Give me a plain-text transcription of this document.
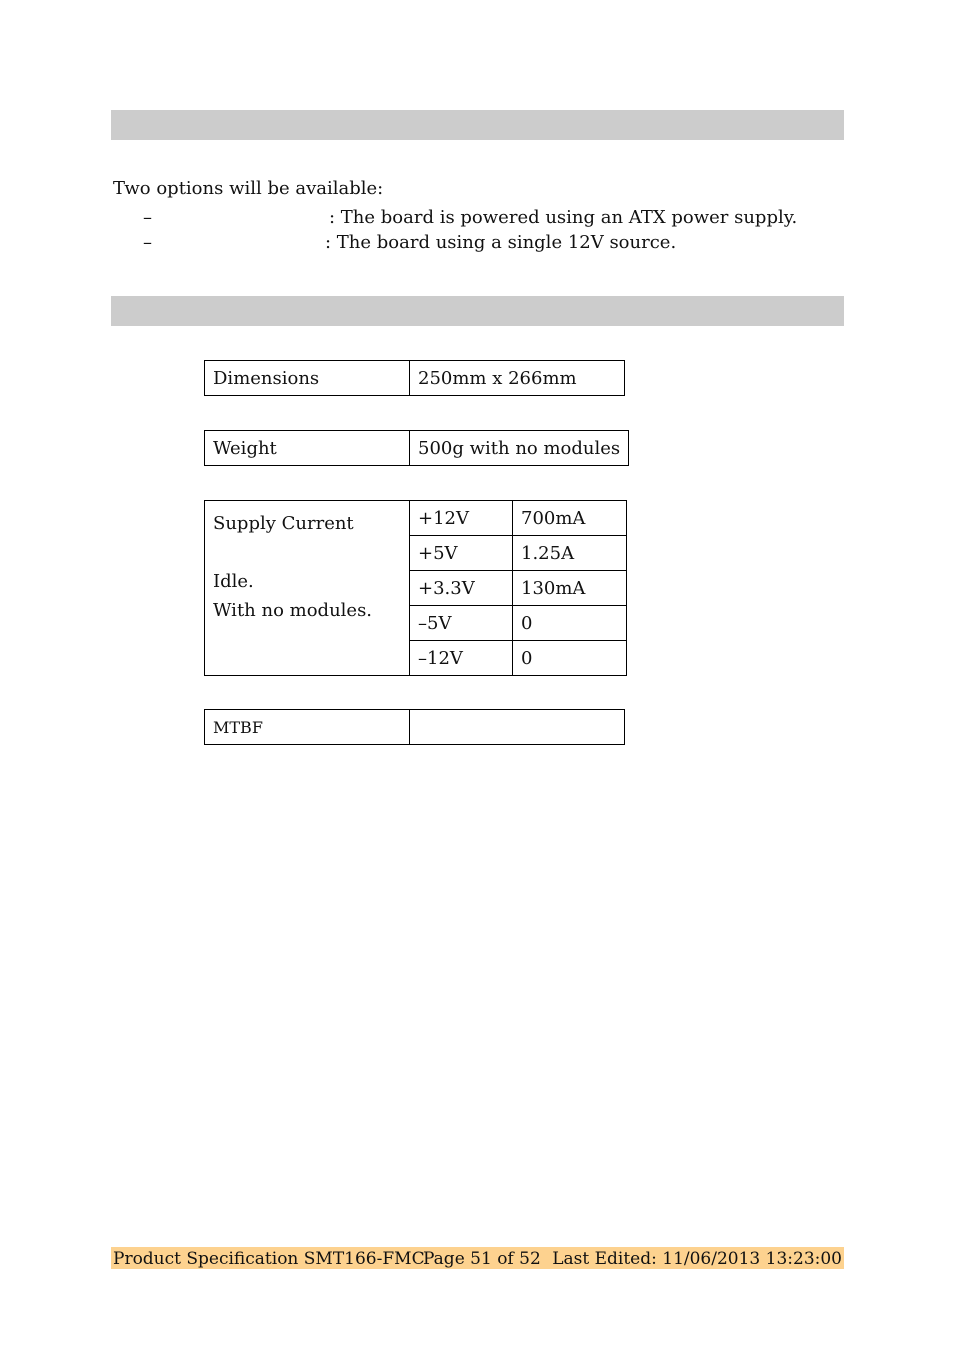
Two options will be available:
–	: The board is powered using an ATX power supply.
–	: The board using a single 12V source.
Dimensions	250mm x 266mm
Weight	500g with no modules
Supply Current

Idle.
With no modules.	+12V	700mA
	+5V	1.25A
	+3.3V	130mA
	–5V	0
	–12V	0
MTBF	
Product Specification SMT166-FMC
Page 51 of 52 Last Edited: 11/06/2013 13:23:00
